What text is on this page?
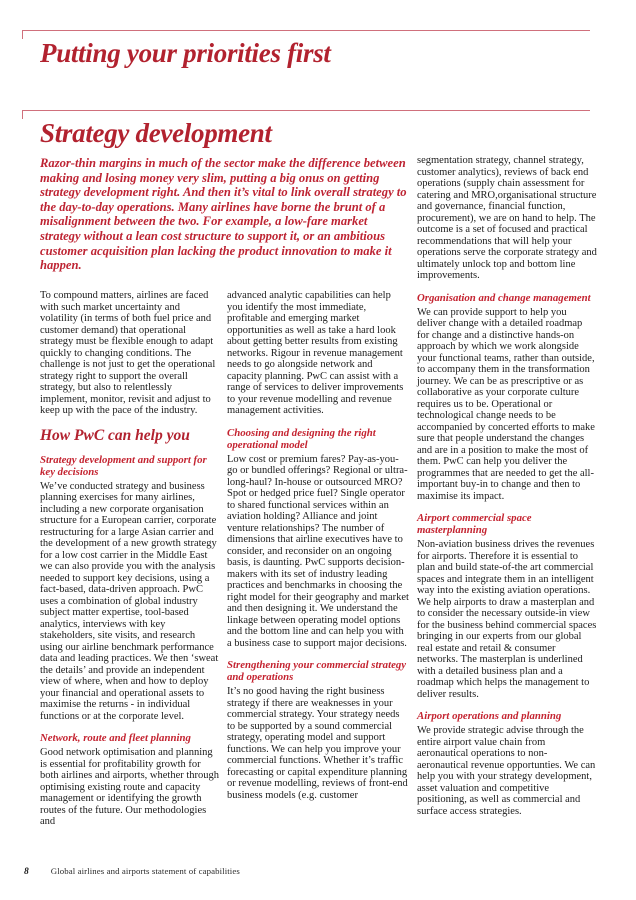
Putting your priorities first
Strategy development
Razor-thin margins in much of the sector make the difference between making and losing money very slim, putting a big onus on getting strategy development right. And then it’s vital to link overall strategy to the day-to-day operations. Many airlines have borne the brunt of a misalignment between the two. For example, a low-fare market strategy without a lean cost structure to support it, or an ambitious customer acquisition plan lacking the product innovation to make it happen.

To compound matters, airlines are faced with such market uncertainty and volatility (in terms of both fuel price and customer demand) that operational strategy must be flexible enough to adapt quickly to changing conditions. The challenge is not just to get the operational strategy right to support the overall strategy, but also to relentlessly implement, monitor, revisit and adjust to keep up with the pace of the industry.

How PwC can help you
Strategy development and support for key decisions

We’ve conducted strategy and business planning exercises for many airlines, including a new corporate organisation structure for a European carrier, corporate restructuring for a large Asian carrier and the development of a new growth strategy for a low cost carrier in the Middle East we can also provide you with the analysis needed to support key decisions, using a fact-based, data-driven approach. PwC uses a combination of global industry subject matter expertise, tool-based analytics, interviews with key stakeholders, site visits, and research using our airline benchmark performance data and leading practices. We then ‘sweat the details’ and provide an independent view of where, when and how to deploy your financial and operational assets to maximise the returns - in individual functions or at the corporate level.

Network, route and fleet planning

Good network optimisation and planning is essential for profitability growth for both airlines and airports, whether through optimising existing route and capacity management or identifying the growth routes of the future. Our methodologies and

advanced analytic capabilities can help you identify the most immediate, profitable and emerging market opportunities as well as take a hard look about getting better results from existing networks. Rigour in revenue management needs to go alongside network and capacity planning. PwC can assist with a range of services to deliver improvements to your revenue modelling and revenue management activities.

Choosing and designing the right operational model

Low cost or premium fares? Pay-as-you-go or bundled offerings? Regional or ultra-long-haul? In-house or outsourced MRO? Spot or hedged price fuel? Single operator to shared functional services within an aviation holding? Alliance and joint venture relationships? The number of dimensions that airline executives have to consider, and reconsider on an ongoing basis, is daunting. PwC supports decision-makers with its set of industry leading practices and benchmarks in choosing the right model for their geography and market and then designing it. We understand the linkage between operating model options and the bottom line and can help you with a business case to support major decisions.

Strengthening your commercial strategy and operations

It’s no good having the right business strategy if there are weaknesses in your commercial strategy. Your strategy needs to be supported by a sound commercial strategy, operating model and support functions. We can help you improve your commercial functions. Whether it’s traffic forecasting or capital expenditure planning or revenue modelling, reviews of front-end business models (e.g. customer

segmentation strategy, channel strategy, customer analytics), reviews of back end operations (supply chain assessment for catering and MRO,organisational structure and governance, financial function, procurement), we are on hand to help. The outcome is a set of focused and practical recommendations that will help your operations serve the corporate strategy and ultimately unlock top and bottom line improvements.

Organisation and change management

We can provide support to help you deliver change with a detailed roadmap for change and a distinctive hands-on approach by which we work alongside your functional teams, rather than outside, to accompany them in the transformation journey. We can be as prescriptive or as collaborative as your corporate culture requires us to be. Operational or technological change needs to be accompanied by concerted efforts to make sure that people understand the changes and are in a position to make the most of them. PwC can help you deliver the programmes that are needed to get the all-important buy-in to change and then to maximise its impact.

Airport commercial space masterplanning

Non-aviation business drives the revenues for airports. Therefore it is essential to plan and build state-of-the art commercial spaces and integrate them in an intelligent way into the existing aviation operations. We help airports to draw a masterplan and to consider the necessary outside-in view for the business behind commercial spaces bringing in our experts from our global real estate and retail & consumer networks. The masterplan is underlined with a detailed business plan and a roadmap which helps the management to deliver results.

Airport operations and planning

We provide strategic advise through the entire airport value chain from aeronautical operations to non-aeronautical revenue opportunties. We can help you with your strategy development, asset valuation and competitive positioning, as well as commercial and surface access strategies.

8	Global airlines and airports statement of capabilities
